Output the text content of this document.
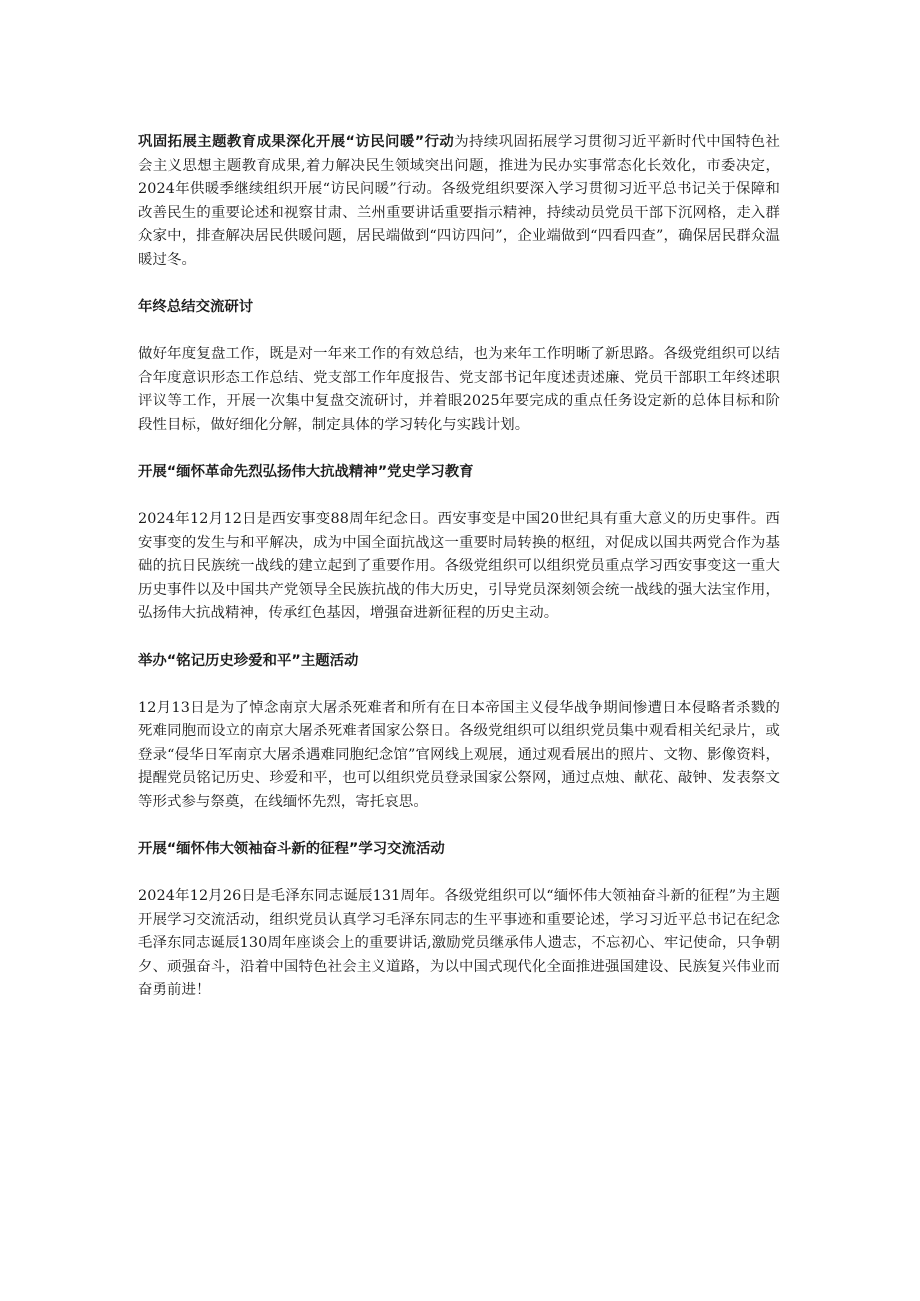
巩固拓展主题教育成果深化开展“访民问暖”行动为持续巩固拓展学习贯彻习近平新时代中国特色社会主义思想主题教育成果,着力解决民生领域突出问题，推进为民办实事常态化长效化，市委决定，2024年供暖季继续组织开展“访民问暖”行动。各级党组织要深入学习贯彻习近平总书记关于保障和改善民生的重要论述和视察甘肃、兰州重要讲话重要指示精神，持续动员党员干部下沉网格，走入群众家中，排查解决居民供暖问题，居民端做到“四访四问”，企业端做到“四看四查”，确保居民群众温暖过冬。

年终总结交流研讨

做好年度复盘工作，既是对一年来工作的有效总结，也为来年工作明晰了新思路。各级党组织可以结合年度意识形态工作总结、党支部工作年度报告、党支部书记年度述责述廉、党员干部职工年终述职评议等工作，开展一次集中复盘交流研讨，并着眼2025年要完成的重点任务设定新的总体目标和阶段性目标，做好细化分解，制定具体的学习转化与实践计划。

开展“缅怀革命先烈弘扬伟大抗战精神”党史学习教育

2024年12月12日是西安事变88周年纪念日。西安事变是中国20世纪具有重大意义的历史事件。西安事变的发生与和平解决，成为中国全面抗战这一重要时局转换的枢纽，对促成以国共两党合作为基础的抗日民族统一战线的建立起到了重要作用。各级党组织可以组织党员重点学习西安事变这一重大历史事件以及中国共产党领导全民族抗战的伟大历史，引导党员深刻领会统一战线的强大法宝作用，弘扬伟大抗战精神，传承红色基因，增强奋进新征程的历史主动。

举办“铭记历史珍爱和平”主题活动

12月13日是为了悼念南京大屠杀死难者和所有在日本帝国主义侵华战争期间惨遭日本侵略者杀戮的死难同胞而设立的南京大屠杀死难者国家公祭日。各级党组织可以组织党员集中观看相关纪录片，或登录“侵华日军南京大屠杀遇难同胞纪念馆”官网线上观展，通过观看展出的照片、文物、影像资料，提醒党员铭记历史、珍爱和平，也可以组织党员登录国家公祭网，通过点烛、献花、敲钟、发表祭文等形式参与祭奠，在线缅怀先烈，寄托哀思。

开展“缅怀伟大领袖奋斗新的征程”学习交流活动

2024年12月26日是毛泽东同志诞辰131周年。各级党组织可以“缅怀伟大领袖奋斗新的征程”为主题开展学习交流活动，组织党员认真学习毛泽东同志的生平事迹和重要论述，学习习近平总书记在纪念毛泽东同志诞辰130周年座谈会上的重要讲话,激励党员继承伟人遗志，不忘初心、牢记使命，只争朝夕、顽强奋斗，沿着中国特色社会主义道路，为以中国式现代化全面推进强国建设、民族复兴伟业而奋勇前进！
